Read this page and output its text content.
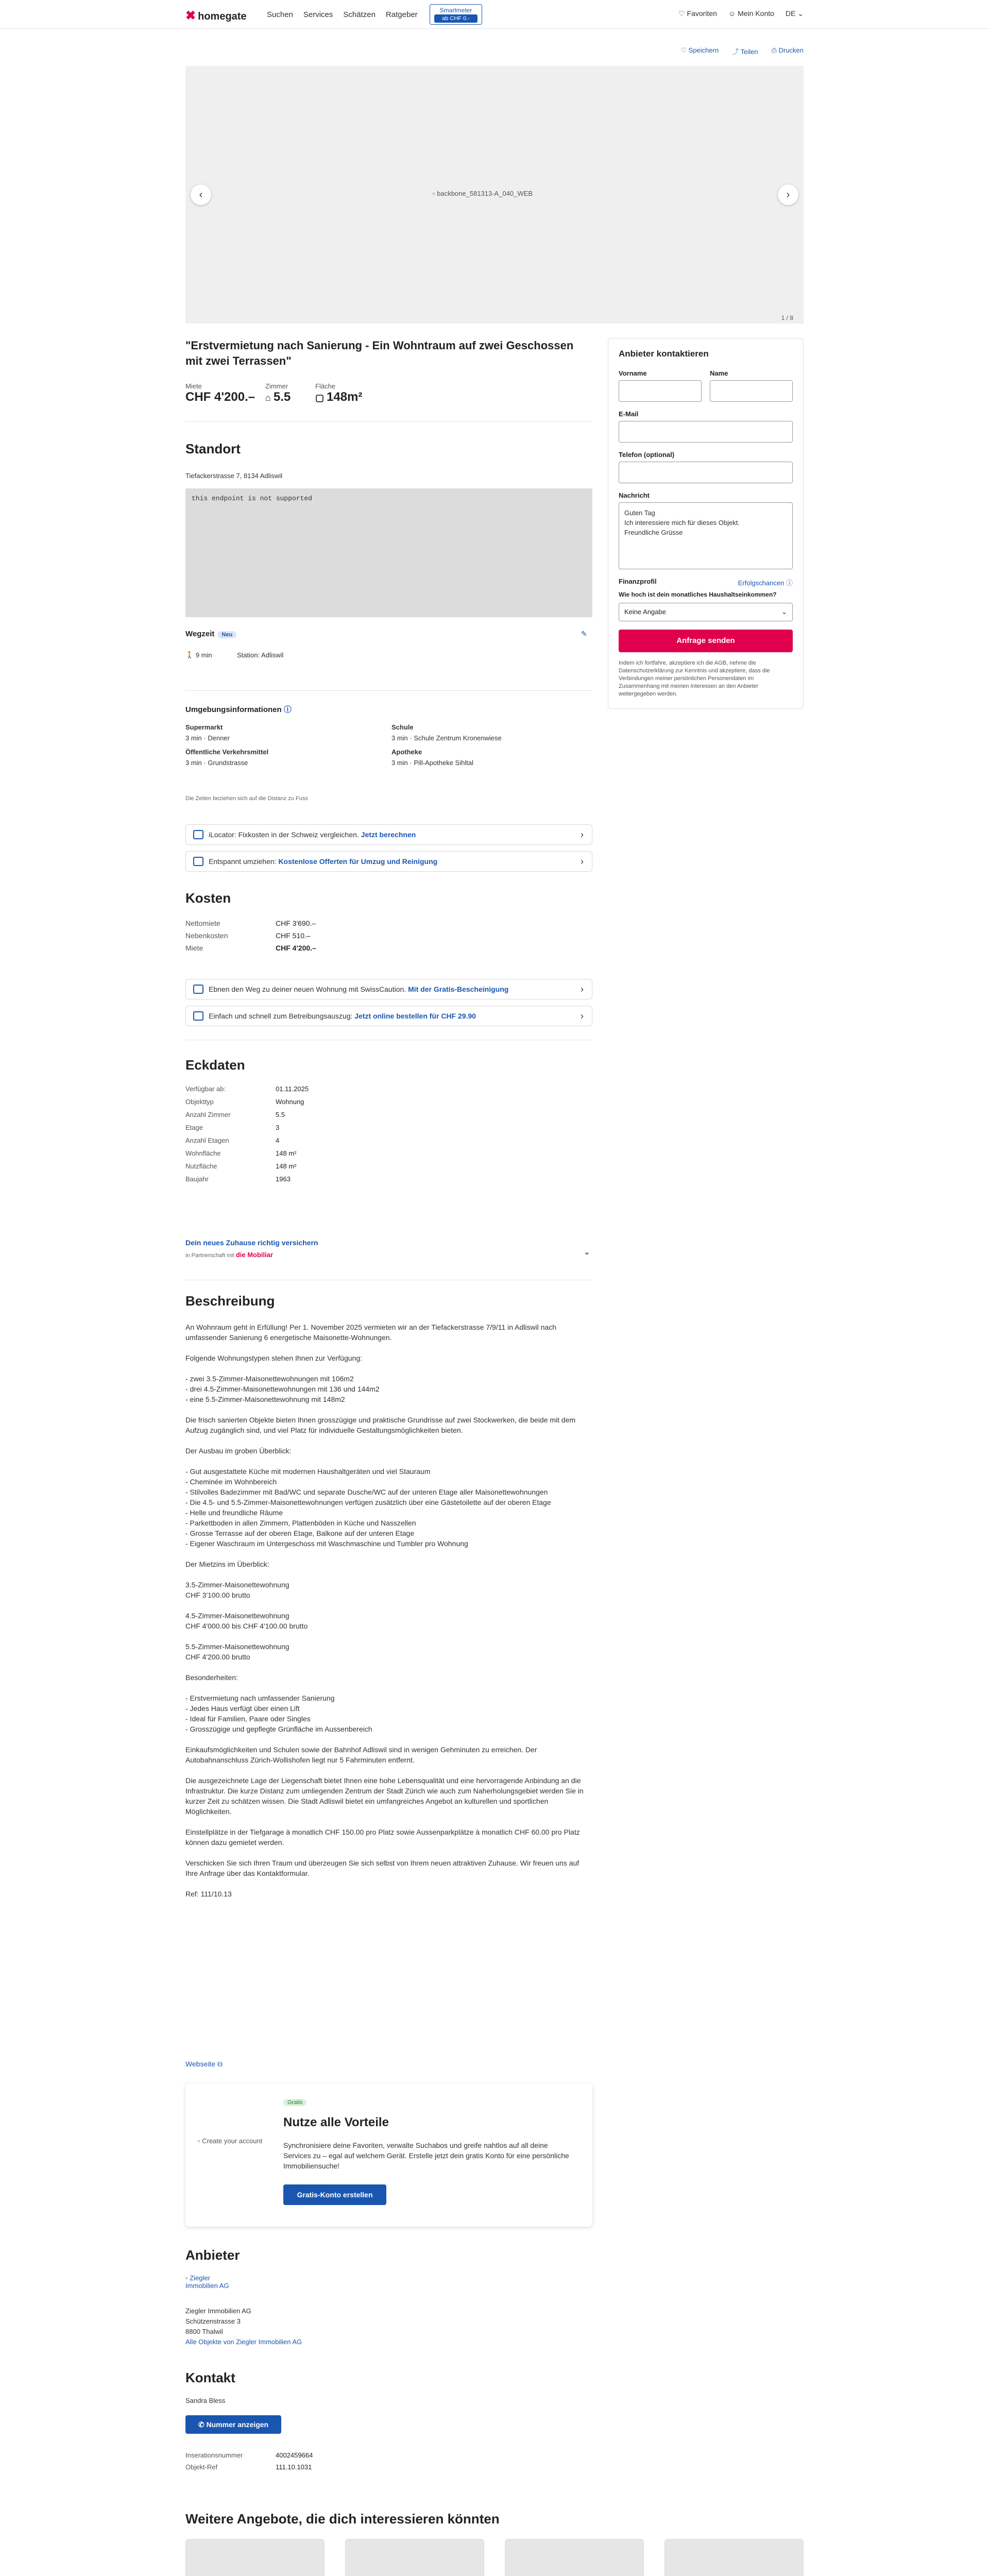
✖ homegate	Suchen Services Schätzen Ratgeber	Smartmeter
ab CHF 0.-
♡ Favoriten ☺ Mein Konto DE ⌄
♡ Speichern ⤴ Teilen ⎙ Drucken
▫ backbone_581313-A_040_WEB
‹	›
1 / 8
"Erstvermietung nach Sanierung - Ein Wohntraum auf zwei Geschossen mit zwei Terrassen"
Miete
CHF 4'200.–
Zimmer
⌂ 5.5
Fläche
▢ 148m²
Standort
Tiefackerstrasse 7, 8134 Adliswil
this endpoint is not supported
Wegzeit Neu	✎
🚶 9 min	Station: Adliswil
Umgebungsinformationen ⓘ
Supermarkt
3 min · Denner
Schule
3 min · Schule Zentrum Kronenwiese
Öffentliche Verkehrsmittel
3 min · Grundstrasse
Apotheke
3 min · Pill-Apotheke Sihltal
Die Zeiten beziehen sich auf die Distanz zu Fuss
iLocator: Fixkosten in der Schweiz vergleichen. Jetzt berechnen	›
Entspannt umziehen: Kostenlose Offerten für Umzug und Reinigung	›
Kosten
Nettomiete	CHF 3'690.–
Nebenkosten	CHF 510.–
Miete	CHF 4'200.–
Ebnen den Weg zu deiner neuen Wohnung mit SwissCaution. Mit der Gratis-Bescheinigung	›
Einfach und schnell zum Betreibungsauszug: Jetzt online bestellen für CHF 29.90	›
Eckdaten
Verfügbar ab:	01.11.2025
Objekttyp	Wohnung
Anzahl Zimmer	5.5
Etage	3
Anzahl Etagen	4
Wohnfläche	148 m²
Nutzfläche	148 m²
Baujahr	1963
Dein neues Zuhause richtig versichern
in Partnerschaft mit die Mobiliar	⌄
Beschreibung
An Wohnraum geht in Erfüllung! Per 1. November 2025 vermieten wir an der Tiefackerstrasse 7/9/11 in Adliswil nach umfassender Sanierung 6 energetische Maisonette-Wohnungen.

Folgende Wohnungstypen stehen Ihnen zur Verfügung:

- zwei 3.5-Zimmer-Maisonettewohnungen mit 106m2
- drei 4.5-Zimmer-Maisonettewohnungen mit 136 und 144m2
- eine 5.5-Zimmer-Maisonettewohnung mit 148m2

Die frisch sanierten Objekte bieten Ihnen grosszügige und praktische Grundrisse auf zwei Stockwerken, die beide mit dem Aufzug zugänglich sind, und viel Platz für individuelle Gestaltungsmöglichkeiten bieten.

Der Ausbau im groben Überblick:

- Gut ausgestattete Küche mit modernen Haushaltgeräten und viel Stauraum
- Cheminée im Wohnbereich
- Stilvolles Badezimmer mit Bad/WC und separate Dusche/WC auf der unteren Etage aller Maisonettewohnungen
- Die 4.5- und 5.5-Zimmer-Maisonettewohnungen verfügen zusätzlich über eine Gästetoilette auf der oberen Etage
- Helle und freundliche Räume
- Parkettboden in allen Zimmern, Plattenböden in Küche und Nasszellen
- Grosse Terrasse auf der oberen Etage, Balkone auf der unteren Etage
- Eigener Waschraum im Untergeschoss mit Waschmaschine und Tumbler pro Wohnung

Der Mietzins im Überblick:

3.5-Zimmer-Maisonettewohnung
CHF 3'100.00 brutto

4.5-Zimmer-Maisonettewohnung
CHF 4'000.00 bis CHF 4'100.00 brutto

5.5-Zimmer-Maisonettewohnung
CHF 4'200.00 brutto

Besonderheiten:

- Erstvermietung nach umfassender Sanierung
- Jedes Haus verfügt über einen Lift
- Ideal für Familien, Paare oder Singles
- Grosszügige und gepflegte Grünfläche im Aussenbereich

Einkaufsmöglichkeiten und Schulen sowie der Bahnhof Adliswil sind in wenigen Gehminuten zu erreichen. Der Autobahnanschluss Zürich-Wollishofen liegt nur 5 Fahrminuten entfernt.

Die ausgezeichnete Lage der Liegenschaft bietet Ihnen eine hohe Lebensqualität und eine hervorragende Anbindung an die Infrastruktur. Die kurze Distanz zum umliegenden Zentrum der Stadt Zürich wie auch zum Naherholungsgebiet werden Sie in kurzer Zeit zu schätzen wissen. Die Stadt Adliswil bietet ein umfangreiches Angebot an kulturellen und sportlichen Möglichkeiten.

Einstellplätze in der Tiefgarage à monatlich CHF 150.00 pro Platz sowie Aussenparkplätze à monatlich CHF 60.00 pro Platz können dazu gemietet werden.

Verschicken Sie sich Ihren Traum und überzeugen Sie sich selbst von Ihrem neuen attraktiven Zuhause. Wir freuen uns auf Ihre Anfrage über das Kontaktformular.

Ref: 111/10.13
Webseite ⧉
▫ Create your account
Gratis
Nutze alle Vorteile
Synchronisiere deine Favoriten, verwalte Suchabos und greife nahtlos auf all deine Services zu – egal auf welchem Gerät. Erstelle jetzt dein gratis Konto für eine persönliche Immobiliensuche!
Gratis-Konto erstellen
Anbieter
▫ Ziegler Immobilien AG
Ziegler Immobilien AG
Schützenstrasse 3
8800 Thalwil
Alle Objekte von Ziegler Immobilien AG
Kontakt
Sandra Bless
✆ Nummer anzeigen
Inserationsnummer	4002459664
Objekt-Ref	111.10.1031
Weitere Angebote, die dich interessieren könnten

Anbieter kontaktieren
Vorname	Name
E-Mail
Telefon (optional)
Nachricht
Guten Tag
Ich interessiere mich für dieses Objekt.
Freundliche Grüsse
Finanzprofil	Erfolgschancen ⓘ
Wie hoch ist dein monatliches Haushaltseinkommen?
Keine Angabe	⌄
Anfrage senden
Indem ich fortfahre, akzeptiere ich die AGB, nehme die Datenschutzerklärung zur Kenntnis und akzeptiere, dass die Verbindungen meiner persönlichen Personendaten im Zusammenhang mit meinen Interessen an den Anbieter weitergegeben werden.
